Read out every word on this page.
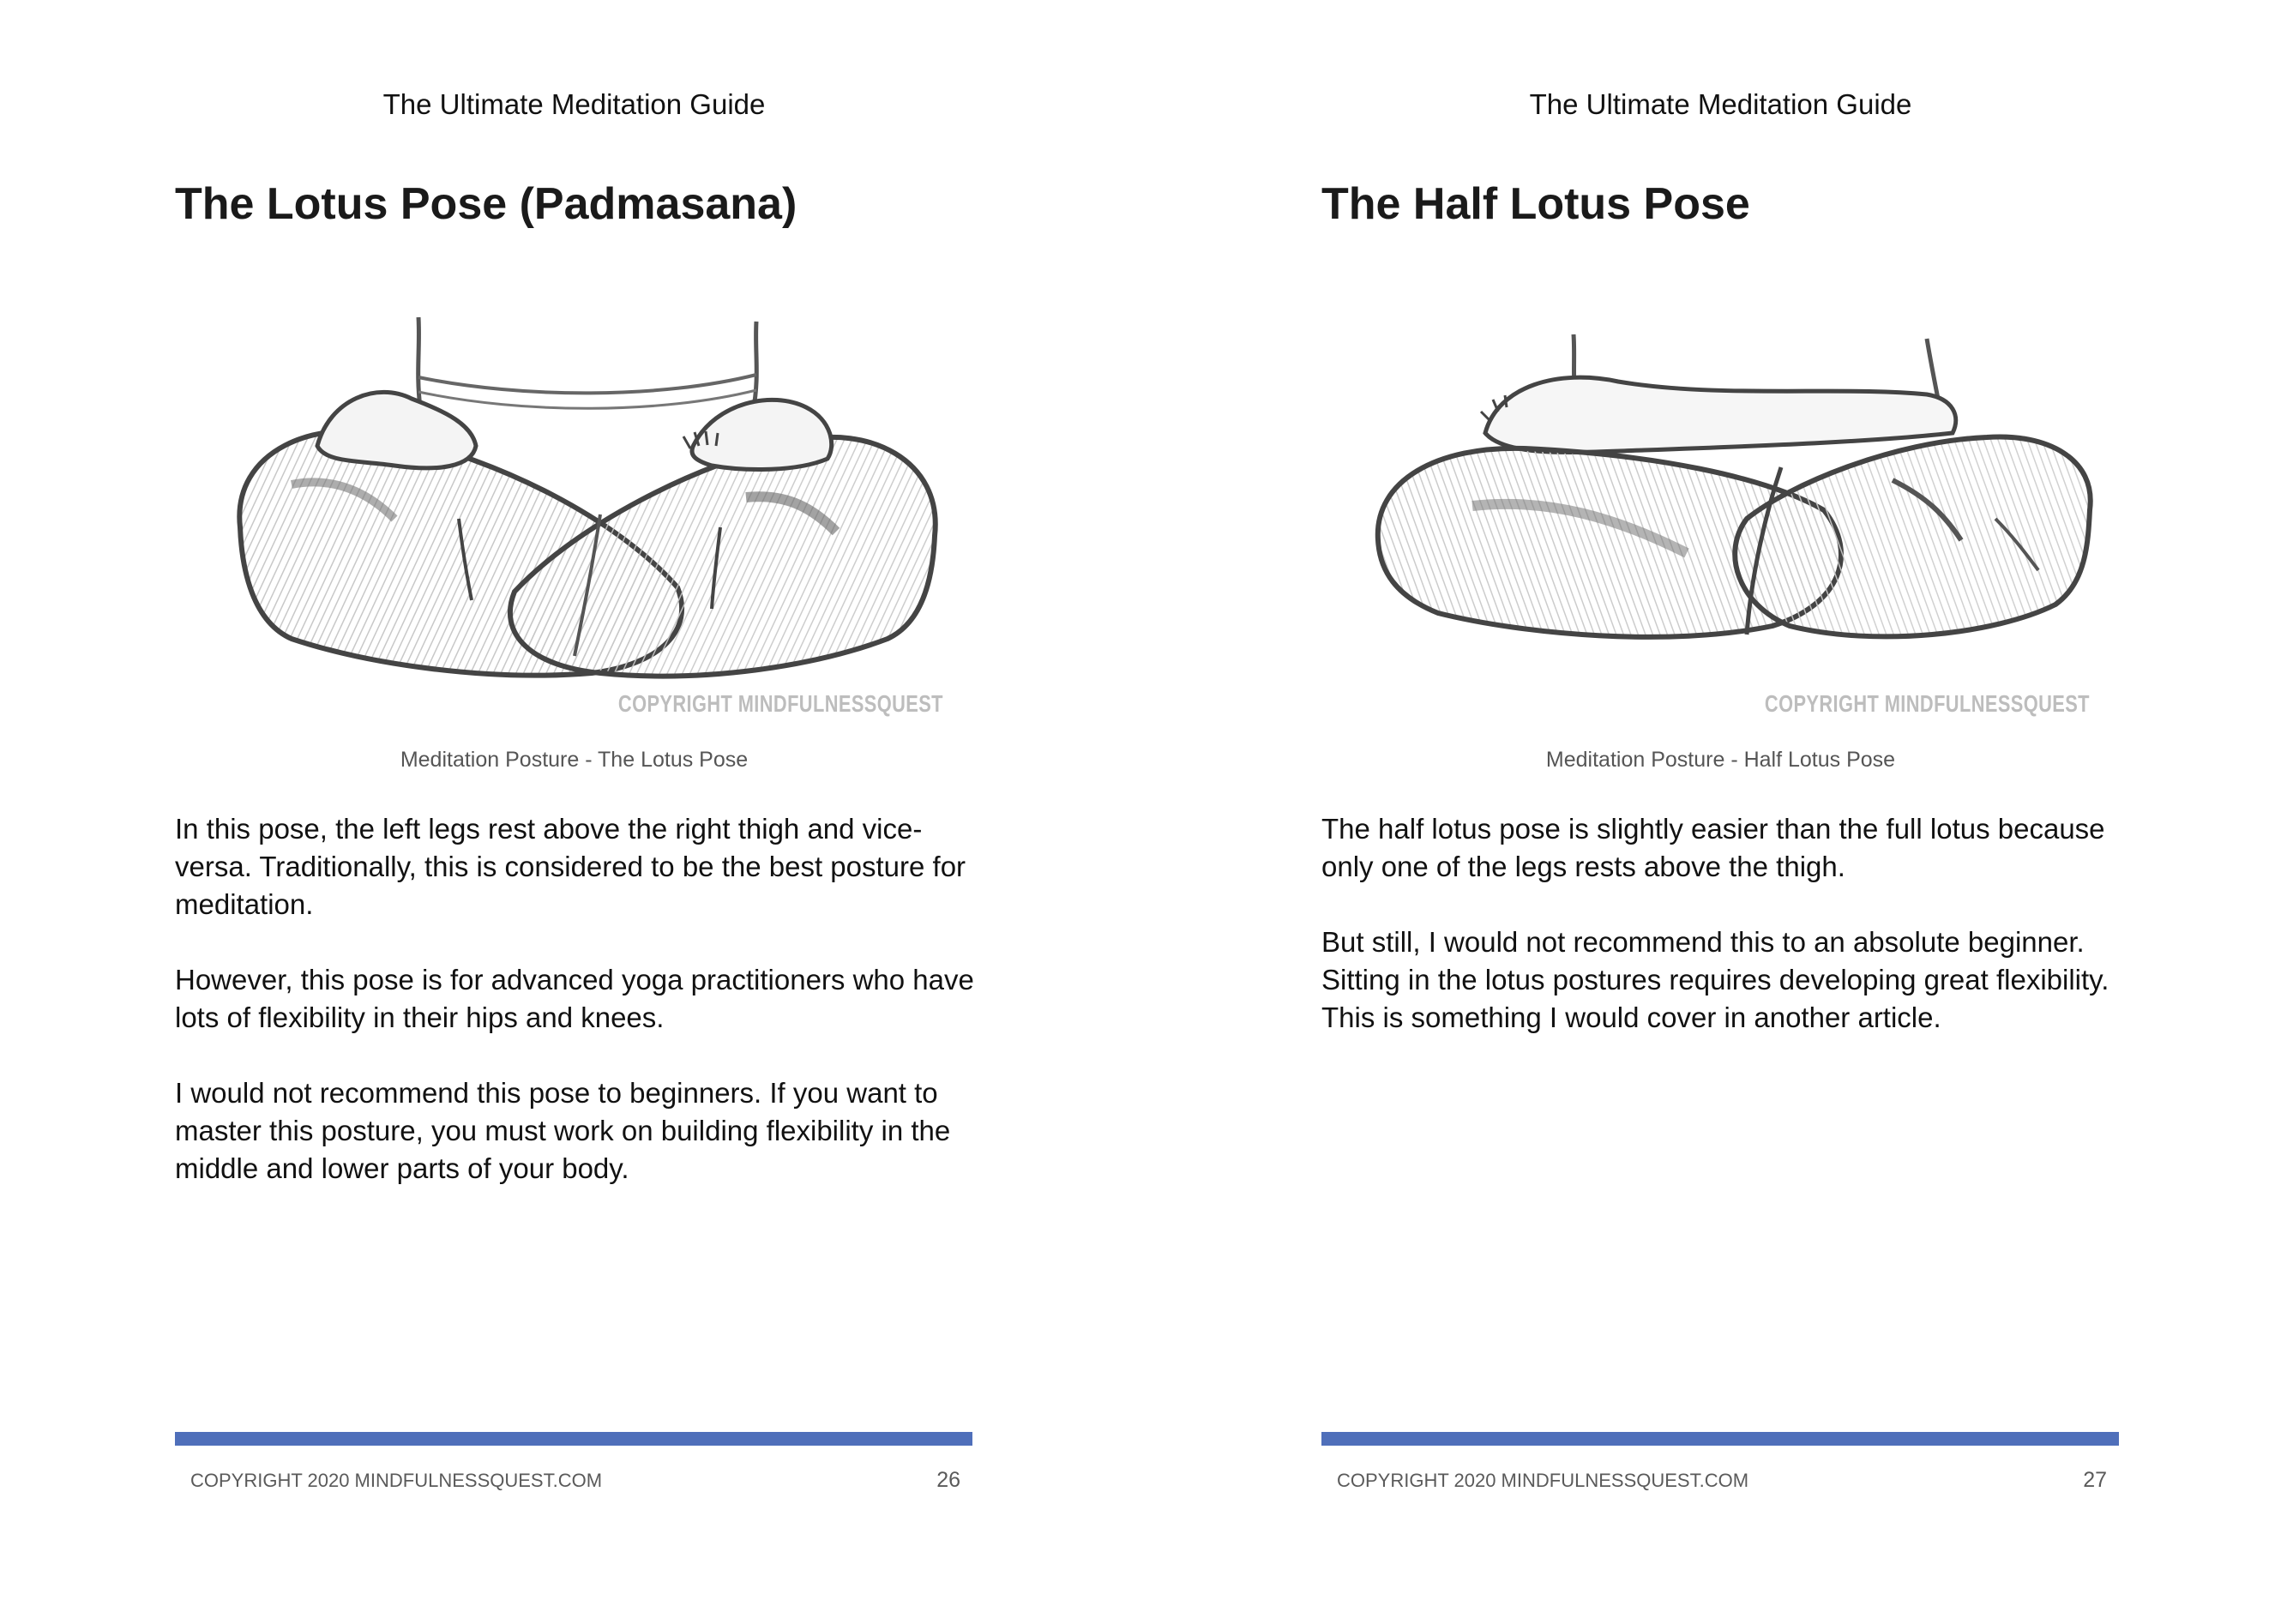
The Ultimate Meditation Guide
The Lotus Pose (Padmasana)
COPYRIGHT MINDFULNESSQUEST
Meditation Posture - The Lotus Pose

In this pose, the left legs rest above the right thigh and vice-versa. Traditionally, this is considered to be the best posture for meditation.

However, this pose is for advanced yoga practitioners who have lots of flexibility in their hips and knees.

I would not recommend this pose to beginners. If you want to master this posture, you must work on building flexibility in the middle and lower parts of your body.

COPYRIGHT 2020 MINDFULNESSQUEST.COM	26
The Ultimate Meditation Guide
The Half Lotus Pose
COPYRIGHT MINDFULNESSQUEST
Meditation Posture - Half Lotus Pose

The half lotus pose is slightly easier than the full lotus because only one of the legs rests above the thigh.

But still, I would not recommend this to an absolute beginner. Sitting in the lotus postures requires developing great flexibility. This is something I would cover in another article.

COPYRIGHT 2020 MINDFULNESSQUEST.COM	27
